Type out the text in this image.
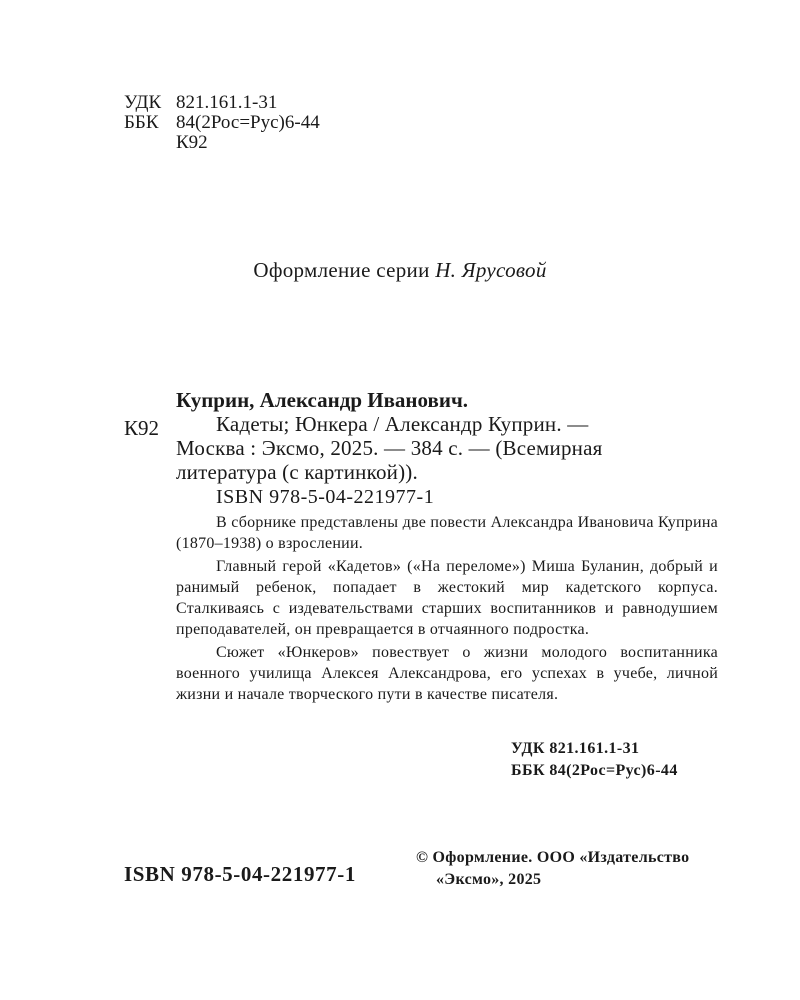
УДК 821.161.1-31
ББК 84(2Рос=Рус)6-44
К92
Оформление серии Н. Ярусовой
Куприн, Александр Иванович.
К92	Кадеты; Юнкера / Александр Куприн. —
Москва : Эксмо, 2025. — 384 с. — (Всемирная
литература (с картинкой)).
ISBN 978-5-04-221977-1

В сборнике представлены две повести Александра Ивановича Куприна (1870–1938) о взрослении.

Главный герой «Кадетов» («На переломе») Миша Буланин, добрый и ранимый ребенок, попадает в жестокий мир кадетского корпуса. Сталкиваясь с издевательствами старших воспитанников и равнодушием преподавателей, он превращается в отчаянного подростка.

Сюжет «Юнкеров» повествует о жизни молодого воспитанника военного училища Алексея Александрова, его успехах в учебе, личной жизни и начале творческого пути в качестве писателя.

УДК 821.161.1-31
ББК 84(2Рос=Рус)6-44
ISBN 978-5-04-221977-1
© Оформление. ООО «Издательство
«Эксмо», 2025
